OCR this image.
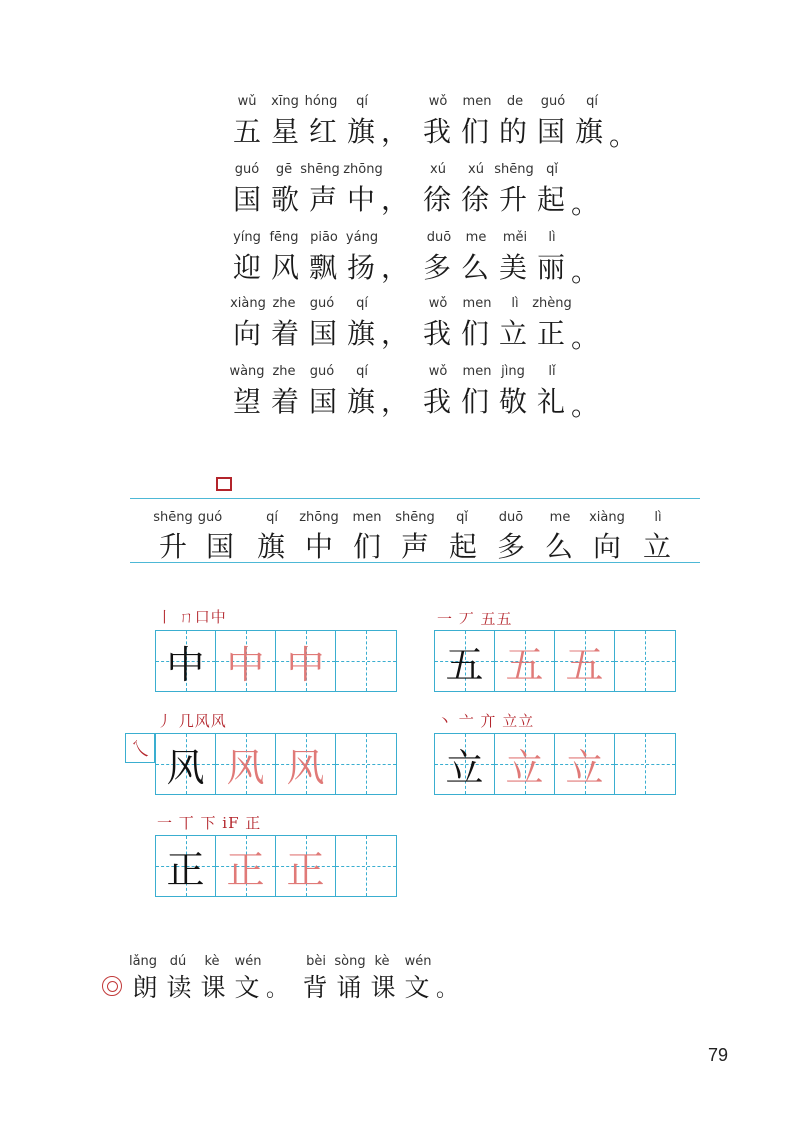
wǔ xīng hóng	qí	wǒ men de guó	qí
五 星 红 旗 ， 我 们 的 国 旗 。
guó gē shēng zhōng	xú	xú shēng qǐ
国 歌 声 中 ， 徐 徐 升 起 。
yíng fēng piāo yáng	duō me měi	lì
迎 风 飘 扬 ， 多 么 美 丽 。
xiàng zhe guó	qí	wǒ men	lì	zhèng
向 着 国 旗 ， 我 们 立 正 。
wàng zhe guó	qí	wǒ men jìng	lǐ
望 着 国 旗 ， 我 们 敬 礼 。
shēng guó	qí	zhōng men shēng	qǐ	duō me	xiàng	lì
升 国 旗 中 们 声 起 多 么 向 立
丨 ㄇ口中
中 中 中
一 丆 五五
五 五 五
丿 几风风
乀 风 风 风
丶 亠 亣 立立
立 立 立
一 丅 下 iF 正
正 正 正
lǎng dú	kè	wén	bèi sòng kè	wén
朗 读 课 文 。 背 诵 课 文 。
79
